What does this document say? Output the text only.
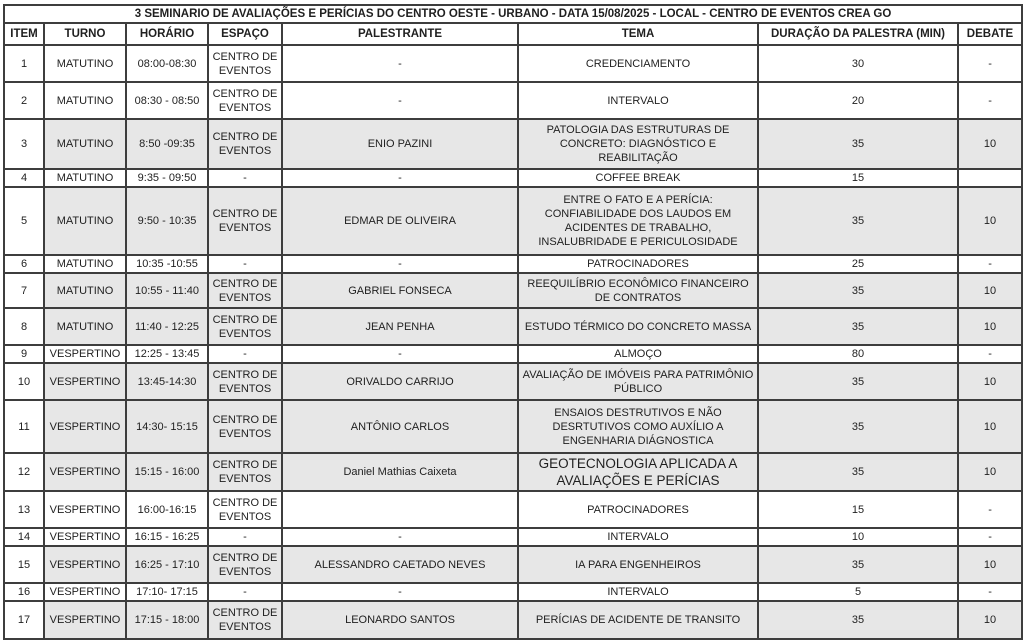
3 SEMINARIO DE AVALIAÇÕES E PERÍCIAS DO CENTRO OESTE - URBANO - DATA 15/08/2025 - LOCAL - CENTRO DE EVENTOS CREA GO							
ITEM	TURNO	HORÁRIO	ESPAÇO	PALESTRANTE	TEMA	DURAÇÃO DA PALESTRA (MIN)	DEBATE
1	MATUTINO	08:00-08:30	CENTRO DE EVENTOS	-	CREDENCIAMENTO	30	-
2	MATUTINO	08:30 - 08:50	CENTRO DE EVENTOS	-	INTERVALO	20	-
3	MATUTINO	8:50 -09:35	CENTRO DE EVENTOS	ENIO PAZINI	PATOLOGIA DAS ESTRUTURAS DE CONCRETO: DIAGNÓSTICO E REABILITAÇÃO	35	10
4	MATUTINO	9:35 - 09:50	-	-	COFFEE BREAK	15	
5	MATUTINO	9:50 - 10:35	CENTRO DE EVENTOS	EDMAR DE OLIVEIRA	ENTRE O FATO E A PERÍCIA: CONFIABILIDADE DOS LAUDOS EM ACIDENTES DE TRABALHO, INSALUBRIDADE E PERICULOSIDADE	35	10
6	MATUTINO	10:35 -10:55	-	-	PATROCINADORES	25	-
7	MATUTINO	10:55 - 11:40	CENTRO DE EVENTOS	GABRIEL FONSECA	REEQUILÍBRIO ECONÔMICO FINANCEIRO DE CONTRATOS	35	10
8	MATUTINO	11:40 - 12:25	CENTRO DE EVENTOS	JEAN PENHA	ESTUDO TÉRMICO DO CONCRETO MASSA	35	10
9	VESPERTINO	12:25 - 13:45	-	-	ALMOÇO	80	-
10	VESPERTINO	13:45-14:30	CENTRO DE EVENTOS	ORIVALDO CARRIJO	AVALIAÇÃO DE IMÓVEIS PARA PATRIMÔNIO PÚBLICO	35	10
11	VESPERTINO	14:30- 15:15	CENTRO DE EVENTOS	ANTÔNIO CARLOS	ENSAIOS DESTRUTIVOS E NÃO DESRTUTIVOS COMO AUXÍLIO A ENGENHARIA DIÁGNOSTICA	35	10
12	VESPERTINO	15:15 - 16:00	CENTRO DE EVENTOS	Daniel Mathias Caixeta	GEOTECNOLOGIA APLICADA A AVALIAÇÕES E PERÍCIAS	35	10
13	VESPERTINO	16:00-16:15	CENTRO DE EVENTOS		PATROCINADORES	15	-
14	VESPERTINO	16:15 - 16:25	-	-	INTERVALO	10	-
15	VESPERTINO	16:25 - 17:10	CENTRO DE EVENTOS	ALESSANDRO CAETADO NEVES	IA PARA ENGENHEIROS	35	10
16	VESPERTINO	17:10- 17:15	-	-	INTERVALO	5	-
17	VESPERTINO	17:15 - 18:00	CENTRO DE EVENTOS	LEONARDO SANTOS	PERÍCIAS DE ACIDENTE DE TRANSITO	35	10
